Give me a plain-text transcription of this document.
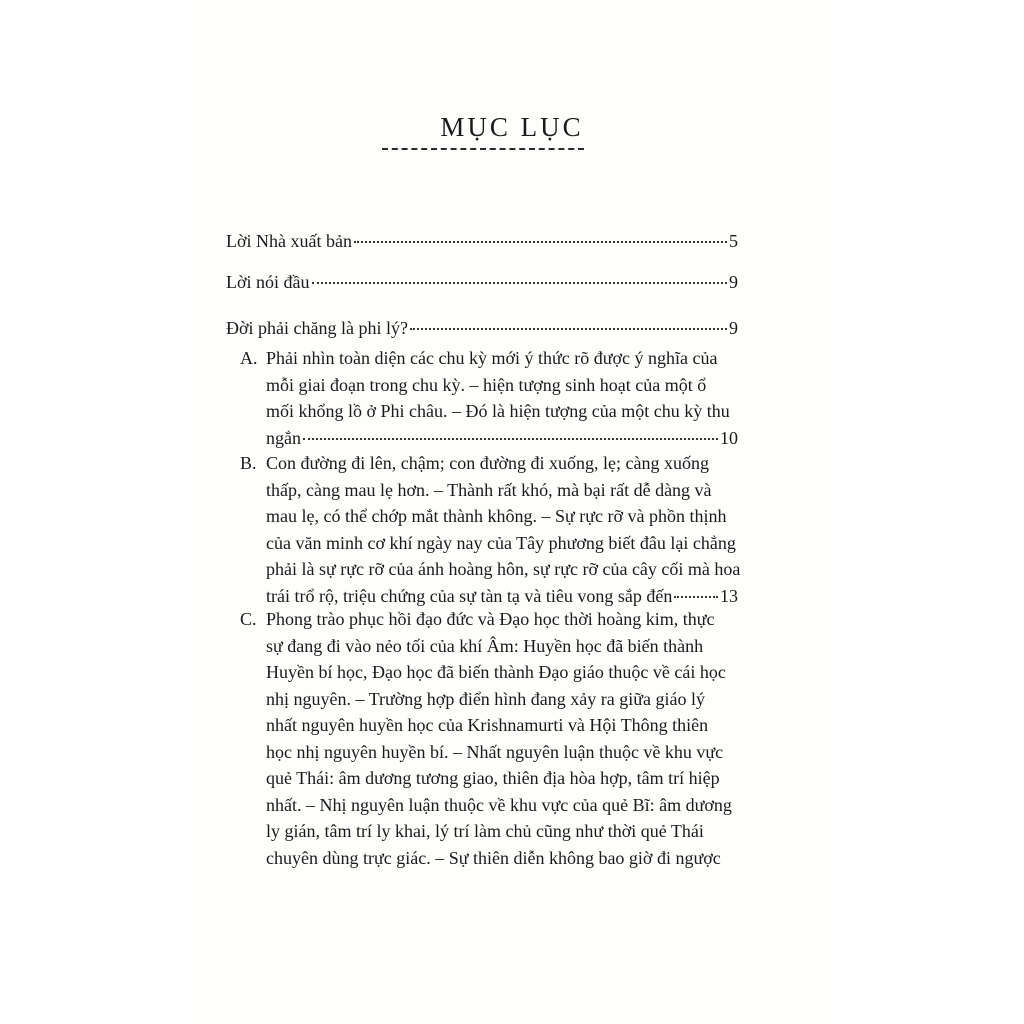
MỤC LỤC
Lời Nhà xuất bản	5
Lời nói đầu	9
Đời phải chăng là phi lý?	9
A. Phải nhìn toàn diện các chu kỳ mới ý thức rõ được ý nghĩa của
mỗi giai đoạn trong chu kỳ. – hiện tượng sinh hoạt của một ổ
mối khổng lồ ở Phi châu. – Đó là hiện tượng của một chu kỳ thu
ngắn	10
B. Con đường đi lên, chậm; con đường đi xuống, lẹ; càng xuống
thấp, càng mau lẹ hơn. – Thành rất khó, mà bại rất dễ dàng và
mau lẹ, có thể chớp mắt thành không. – Sự rực rỡ và phồn thịnh
của văn minh cơ khí ngày nay của Tây phương biết đâu lại chẳng
phải là sự rực rỡ của ánh hoàng hôn, sự rực rỡ của cây cối mà hoa
trái trổ rộ, triệu chứng của sự tàn tạ và tiêu vong sắp đến	13
C. Phong trào phục hồi đạo đức và Đạo học thời hoàng kim, thực
sự đang đi vào nẻo tối của khí Âm: Huyền học đã biến thành
Huyền bí học, Đạo học đã biến thành Đạo giáo thuộc về cái học
nhị nguyên. – Trường hợp điển hình đang xảy ra giữa giáo lý
nhất nguyên huyền học của Krishnamurti và Hội Thông thiên
học nhị nguyên huyền bí. – Nhất nguyên luận thuộc về khu vực
quẻ Thái: âm dương tương giao, thiên địa hòa hợp, tâm trí hiệp
nhất. – Nhị nguyên luận thuộc về khu vực của quẻ Bĩ: âm dương
ly gián, tâm trí ly khai, lý trí làm chủ cũng như thời quẻ Thái
chuyên dùng trực giác. – Sự thiên diễn không bao giờ đi ngược
